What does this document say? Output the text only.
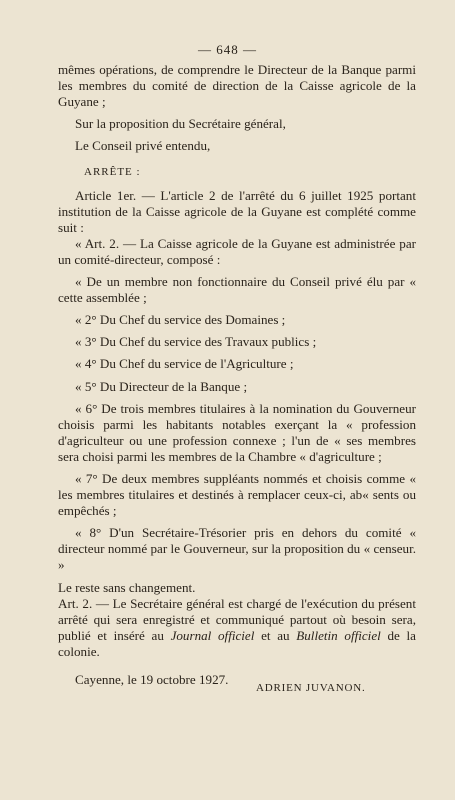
— 648 —

mêmes opérations, de comprendre le Directeur de la Banque parmi les membres du comité de direction de la Caisse agricole de la Guyane ;

Sur la proposition du Secrétaire général,

Le Conseil privé entendu,

ARRÊTE :

Article 1er. — L'article 2 de l'arrêté du 6 juillet 1925 portant institution de la Caisse agricole de la Guyane est complété comme suit :

« Art. 2. — La Caisse agricole de la Guyane est administrée par un comité-directeur, composé :

« De un membre non fonctionnaire du Conseil privé élu par « cette assemblée ;

« 2° Du Chef du service des Domaines ;

« 3° Du Chef du service des Travaux publics ;

« 4° Du Chef du service de l'Agriculture ;

« 5° Du Directeur de la Banque ;

« 6° De trois membres titulaires à la nomination du Gouverneur choisis parmi les habitants notables exerçant la « profession d'agriculteur ou une profession connexe ; l'un de « ses membres sera choisi parmi les membres de la Chambre « d'agriculture ;

« 7° De deux membres suppléants nommés et choisis comme « les membres titulaires et destinés à remplacer ceux-ci, ab« sents ou empêchés ;

« 8° D'un Secrétaire-Trésorier pris en dehors du comité « directeur nommé par le Gouverneur, sur la proposition du « censeur. »

Le reste sans changement.

Art. 2. — Le Secrétaire général est chargé de l'exécution du présent arrêté qui sera enregistré et communiqué partout où besoin sera, publié et inséré au Journal officiel et au Bulletin officiel de la colonie.

Cayenne, le 19 octobre 1927.

ADRIEN JUVANON.
